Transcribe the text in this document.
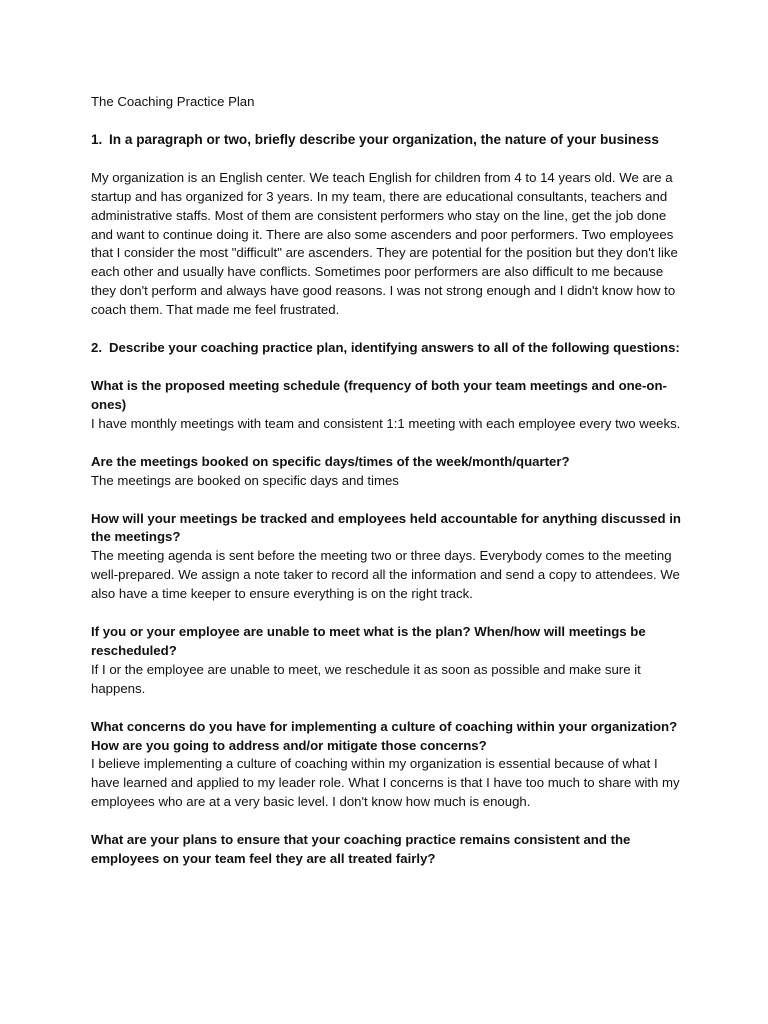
The Coaching Practice Plan

1. In a paragraph or two, briefly describe your organization, the nature of your business

My organization is an English center. We teach English for children from 4 to 14 years old. We are a startup and has organized for 3 years. In my team, there are educational consultants, teachers and administrative staffs. Most of them are consistent performers who stay on the line, get the job done and want to continue doing it. There are also some ascenders and poor performers. Two employees that I consider the most "difficult" are ascenders. They are potential for the position but they don't like each other and usually have conflicts. Sometimes poor performers are also difficult to me because they don't perform and always have good reasons. I was not strong enough and I didn't know how to coach them. That made me feel frustrated.

2. Describe your coaching practice plan, identifying answers to all of the following questions:

What is the proposed meeting schedule (frequency of both your team meetings and one-on-ones)

I have monthly meetings with team and consistent 1:1 meeting with each employee every two weeks.

Are the meetings booked on specific days/times of the week/month/quarter?

The meetings are booked on specific days and times

How will your meetings be tracked and employees held accountable for anything discussed in the meetings?

The meeting agenda is sent before the meeting two or three days. Everybody comes to the meeting well-prepared. We assign a note taker to record all the information and send a copy to attendees. We also have a time keeper to ensure everything is on the right track.

If you or your employee are unable to meet what is the plan? When/how will meetings be rescheduled?

If I or the employee are unable to meet, we reschedule it as soon as possible and make sure it happens.

What concerns do you have for implementing a culture of coaching within your organization? How are you going to address and/or mitigate those concerns?

I believe implementing a culture of coaching within my organization is essential because of what I have learned and applied to my leader role. What I concerns is that I have too much to share with my employees who are at a very basic level. I don't know how much is enough.

What are your plans to ensure that your coaching practice remains consistent and the employees on your team feel they are all treated fairly?
